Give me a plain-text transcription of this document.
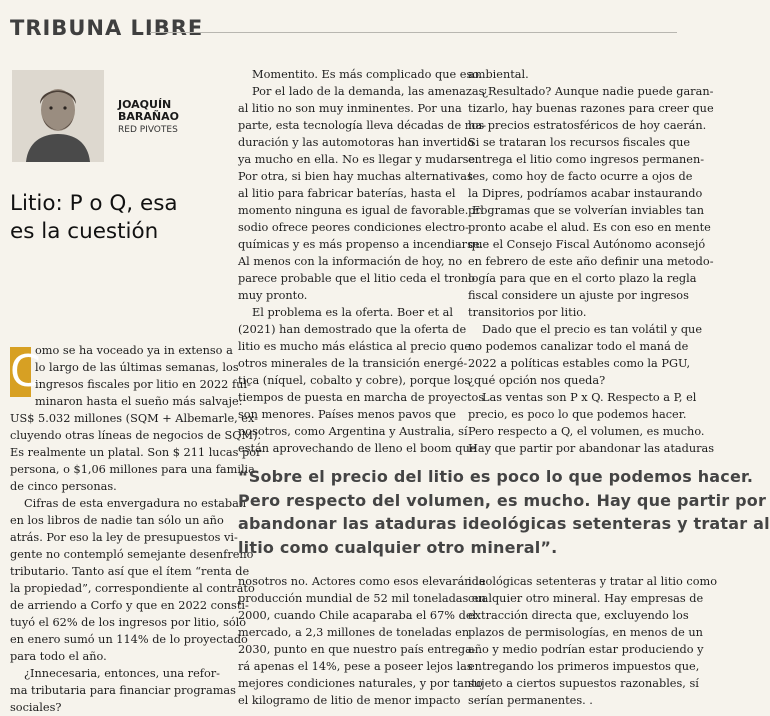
TRIBUNA LIBRE
JOAQUÍN
BARAÑAO
RED PIVOTES
Litio: P o Q, esa
es la cuestión
C

omo se ha voceado ya in extenso a

lo largo de las últimas semanas, los

ingresos fiscales por litio en 2022 ful-

minaron hasta el sueño más salvaje:

US$ 5.032 millones (SQM + Albemarle, ex-

cluyendo otras líneas de negocios de SQM).

Es realmente un platal. Son $ 211 lucas por

persona, o $1,06 millones para una familia

de cinco personas.

Cifras de esta envergadura no estaban

en los libros de nadie tan sólo un año

atrás. Por eso la ley de presupuestos vi-

gente no contempló semejante desenfreno

tributario. Tanto así que el ítem “renta de

la propiedad”, correspondiente al contrato

de arriendo a Corfo y que en 2022 consti-

tuyó el 62% de los ingresos por litio, sólo

en enero sumó un 114% de lo proyectado

para todo el año.

¿Innecesaria, entonces, una refor-

ma tributaria para financiar programas

sociales?

Momentito. Es más complicado que eso.

Por el lado de la demanda, las amenazas

al litio no son muy inminentes. Por una

parte, esta tecnología lleva décadas de ma-

duración y las automotoras han invertido

ya mucho en ella. No es llegar y mudarse.

Por otra, si bien hay muchas alternativas

al litio para fabricar baterías, hasta el

momento ninguna es igual de favorable. El

sodio ofrece peores condiciones electro-

químicas y es más propenso a incendiarse.

Al menos con la información de hoy, no

parece probable que el litio ceda el trono

muy pronto.

El problema es la oferta. Boer et al

(2021) han demostrado que la oferta de

litio es mucho más elástica al precio que

otros minerales de la transición energé-

tica (níquel, cobalto y cobre), porque los

tiempos de puesta en marcha de proyectos

son menores. Países menos pavos que

nosotros, como Argentina y Australia, sí

están aprovechando de lleno el boom que

ambiental.

¿Resultado? Aunque nadie puede garan-

tizarlo, hay buenas razones para creer que

los precios estratosféricos de hoy caerán.

Si se trataran los recursos fiscales que

entrega el litio como ingresos permanen-

tes, como hoy de facto ocurre a ojos de

la Dipres, podríamos acabar instaurando

programas que se volverían inviables tan

pronto acabe el alud. Es con eso en mente

que el Consejo Fiscal Autónomo aconsejó

en febrero de este año definir una metodo-

logía para que en el corto plazo la regla

fiscal considere un ajuste por ingresos

transitorios por litio.

Dado que el precio es tan volátil y que

no podemos canalizar todo el maná de

2022 a políticas estables como la PGU,

¿qué opción nos queda?

Las ventas son P x Q. Respecto a P, el

precio, es poco lo que podemos hacer.

Pero respecto a Q, el volumen, es mucho.

Hay que partir por abandonar las ataduras

“Sobre el precio del litio es poco lo que podemos hacer.
Pero respecto del volumen, es mucho. Hay que partir por
abandonar las ataduras ideológicas setenteras y tratar al
litio como cualquier otro mineral”.

nosotros no. Actores como esos elevarán la

producción mundial de 52 mil toneladas en

2000, cuando Chile acaparaba el 67% del

mercado, a 2,3 millones de toneladas en

2030, punto en que nuestro país entrega-

rá apenas el 14%, pese a poseer lejos las

mejores condiciones naturales, y por tanto

el kilogramo de litio de menor impacto

ideológicas setenteras y tratar al litio como

cualquier otro mineral. Hay empresas de

extracción directa que, excluyendo los

plazos de permisologías, en menos de un

año y medio podrían estar produciendo y

entregando los primeros impuestos que,

sujeto a ciertos supuestos razonables, sí

serían permanentes. .
